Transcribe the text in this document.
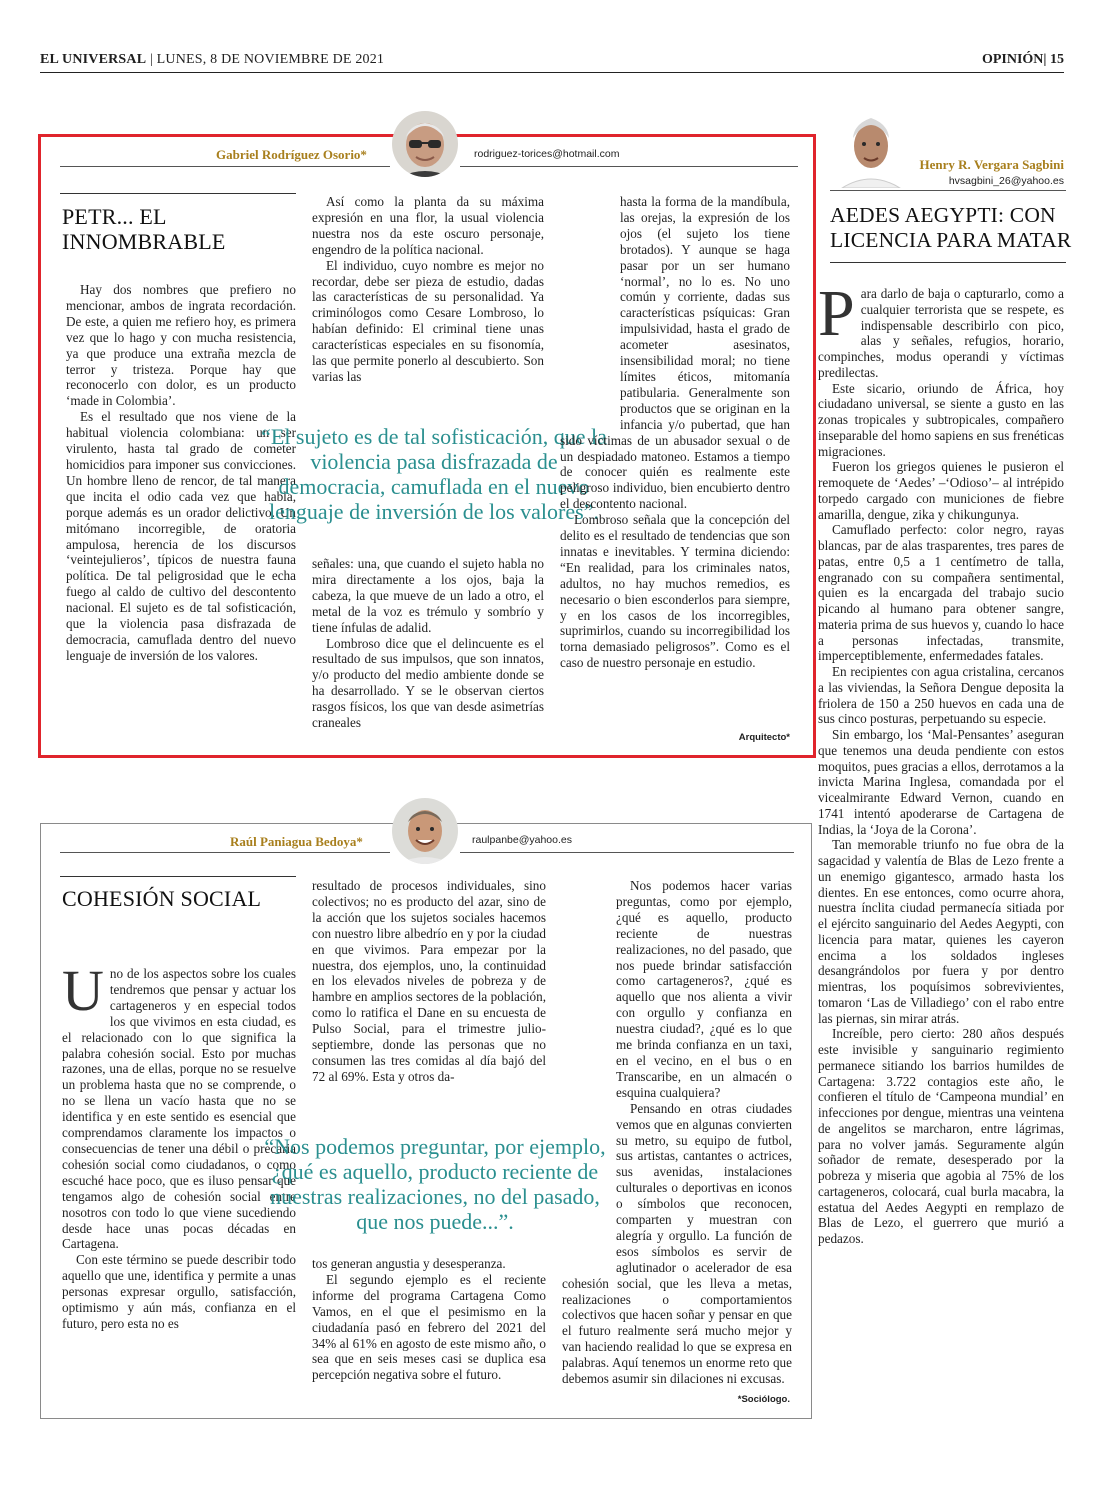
EL UNIVERSAL | LUNES, 8 DE NOVIEMBRE DE 2021	OPINIÓN| 15
Gabriel Rodríguez Osorio*	rodriguez-torices@hotmail.com
PETR... EL INNOMBRABLE

Hay dos nombres que prefiero no mencionar, ambos de ingrata recordación. De este, a quien me refiero hoy, es primera vez que lo hago y con mucha resistencia, ya que produce una extraña mezcla de terror y tristeza. Porque hay que reconocerlo con dolor, es un producto ‘made in Colombia’.

Es el resultado que nos viene de la habitual violencia colombiana: un ser virulento, hasta tal grado de cometer homicidios para imponer sus convicciones. Un hombre lleno de rencor, de tal manera que incita el odio cada vez que habla, porque además es un orador delictivo. Un mitómano incorregible, de oratoria ampulosa, herencia de los discursos ‘veintejulieros’, típicos de nuestra fauna política. De tal peligrosidad que le echa fuego al caldo de cultivo del descontento nacional. El sujeto es de tal sofisticación, que la violencia pasa disfrazada de democracia, camuflada dentro del nuevo lenguaje de inversión de los valores.

Así como la planta da su máxima expresión en una flor, la usual violencia nuestra nos da este oscuro personaje, engendro de la política nacional.

El individuo, cuyo nombre es mejor no recordar, debe ser pieza de estudio, dadas las características de su personalidad. Ya criminólogos como Cesare Lombroso, lo habían definido: El criminal tiene unas características especiales en su fisonomía, las que permite ponerlo al descubierto. Son varias las

“El sujeto es de tal sofisticación, que la violencia pasa disfrazada de democracia, camuflada en el nuevo lenguaje de inversión de los valores”.

señales: una, que cuando el sujeto habla no mira directamente a los ojos, baja la cabeza, la que mueve de un lado a otro, el metal de la voz es trémulo y sombrío y tiene ínfulas de adalid.

Lombroso dice que el delincuente es el resultado de sus impulsos, que son innatos, y/o producto del medio ambiente donde se ha desarrollado. Y se le observan ciertos rasgos físicos, los que van desde asimetrías craneales

hasta la forma de la mandíbula, las orejas, la expresión de los ojos (el sujeto los tiene brotados). Y aunque se haga pasar por un ser humano ‘normal’, no lo es. No uno común y corriente, dadas sus características psíquicas: Gran impulsividad, hasta el grado de acometer asesinatos, insensibilidad moral; no tiene límites éticos, mitomanía patibularia. Generalmente son productos que se originan en la infancia y/o pubertad, que han sido víctimas de un abusador sexual o de un despiadado matoneo. Estamos a tiempo de conocer quién es realmente este peligroso individuo, bien encubierto dentro el descontento nacional.

Lombroso señala que la concepción del delito es el resultado de tendencias que son innatas e inevitables. Y termina diciendo: “En realidad, para los criminales natos, adultos, no hay muchos remedios, es necesario o bien esconderlos para siempre, y en los casos de los incorregibles, suprimirlos, cuando su incorregibilidad los torna demasiado peligrosos”. Como es el caso de nuestro personaje en estudio.

Arquitecto*
Raúl Paniagua Bedoya*	raulpanbe@yahoo.es
COHESIÓN SOCIAL
U no de los aspectos sobre los cuales tendremos que pensar y actuar los cartageneros y en especial todos los que vivimos en esta ciudad, es el relacionado con lo que significa la palabra cohesión social. Esto por muchas razones, una de ellas, porque no se resuelve un problema hasta que no se comprende, o no se llena un vacío hasta que no se identifica y en este sentido es esencial que comprendamos claramente los impactos o consecuencias de tener una débil o precaria cohesión social como ciudadanos, o como escuché hace poco, que es iluso pensar que tengamos algo de cohesión social entre nosotros con todo lo que viene sucediendo desde hace unas pocas décadas en Cartagena.

Con este término se puede describir todo aquello que une, identifica y permite a unas personas expresar orgullo, satisfacción, optimismo y aún más, confianza en el futuro, pero esta no es

resultado de procesos individuales, sino colectivos; no es producto del azar, sino de la acción que los sujetos sociales hacemos con nuestro libre albedrío en y por la ciudad en que vivimos. Para empezar por la nuestra, dos ejemplos, uno, la continuidad en los elevados niveles de pobreza y de hambre en amplios sectores de la población, como lo ratifica el Dane en su encuesta de Pulso Social, para el trimestre julio-septiembre, donde las personas que no consumen las tres comidas al día bajó del 72 al 69%. Esta y otros da-

“Nos podemos preguntar, por ejemplo, ¿qué es aquello, producto reciente de nuestras realizaciones, no del pasado, que nos puede...”.

tos generan angustia y desesperanza.

El segundo ejemplo es el reciente informe del programa Cartagena Como Vamos, en el que el pesimismo en la ciudadanía pasó en febrero del 2021 del 34% al 61% en agosto de este mismo año, o sea que en seis meses casi se duplica esa percepción negativa sobre el futuro.

Nos podemos hacer varias preguntas, como por ejemplo, ¿qué es aquello, producto reciente de nuestras realizaciones, no del pasado, que nos puede brindar satisfacción como cartageneros?, ¿qué es aquello que nos alienta a vivir con orgullo y confianza en nuestra ciudad?, ¿qué es lo que me brinda confianza en un taxi, en el vecino, en el bus o en Transcaribe, en un almacén o esquina cualquiera?

Pensando en otras ciudades vemos que en algunas convierten su metro, su equipo de futbol, sus artistas, cantantes o actrices, sus avenidas, instalaciones culturales o deportivas en iconos o símbolos que reconocen, comparten y muestran con alegría y orgullo. La función de esos símbolos es servir de aglutinador o acelerador de esa cohesión social, que les lleva a metas, realizaciones o comportamientos colectivos que hacen soñar y pensar en que el futuro realmente será mucho mejor y van haciendo realidad lo que se expresa en palabras. Aquí tenemos un enorme reto que debemos asumir sin dilaciones ni excusas.

*Sociólogo.
Henry R. Vergara Sagbini
hvsagbini_26@yahoo.es
AEDES AEGYPTI: CON LICENCIA PARA MATAR
P ara darlo de baja o capturarlo, como a cualquier terrorista que se respete, es indispensable describirlo con pico, alas y señales, refugios, horario, compinches, modus operandi y víctimas predilectas.

Este sicario, oriundo de África, hoy ciudadano universal, se siente a gusto en las zonas tropicales y subtropicales, compañero inseparable del homo sapiens en sus frenéticas migraciones.

Fueron los griegos quienes le pusieron el remoquete de ‘Aedes’ –‘Odioso’– al intrépido torpedo cargado con municiones de fiebre amarilla, dengue, zika y chikungunya.

Camuflado perfecto: color negro, rayas blancas, par de alas trasparentes, tres pares de patas, entre 0,5 a 1 centímetro de talla, engranado con su compañera sentimental, quien es la encargada del trabajo sucio picando al humano para obtener sangre, materia prima de sus huevos y, cuando lo hace a personas infectadas, transmite, imperceptiblemente, enfermedades fatales.

En recipientes con agua cristalina, cercanos a las viviendas, la Señora Dengue deposita la friolera de 150 a 250 huevos en cada una de sus cinco posturas, perpetuando su especie.

Sin embargo, los ‘Mal-Pensantes’ aseguran que tenemos una deuda pendiente con estos moquitos, pues gracias a ellos, derrotamos a la invicta Marina Inglesa, comandada por el vicealmirante Edward Vernon, cuando en 1741 intentó apoderarse de Cartagena de Indias, la ‘Joya de la Corona’.

Tan memorable triunfo no fue obra de la sagacidad y valentía de Blas de Lezo frente a un enemigo gigantesco, armado hasta los dientes. En ese entonces, como ocurre ahora, nuestra ínclita ciudad permanecía sitiada por el ejército sanguinario del Aedes Aegypti, con licencia para matar, quienes les cayeron encima a los soldados ingleses desangrándolos por fuera y por dentro mientras, los poquísimos sobrevivientes, tomaron ‘Las de Villadiego’ con el rabo entre las piernas, sin mirar atrás.

Increíble, pero cierto: 280 años después este invisible y sanguinario regimiento permanece sitiando los barrios humildes de Cartagena: 3.722 contagios este año, le confieren el título de ‘Campeona mundial’ en infecciones por dengue, mientras una veintena de angelitos se marcharon, entre lágrimas, para no volver jamás. Seguramente algún soñador de remate, desesperado por la pobreza y miseria que agobia al 75% de los cartageneros, colocará, cual burla macabra, la estatua del Aedes Aegypti en remplazo de Blas de Lezo, el guerrero que murió a pedazos.
